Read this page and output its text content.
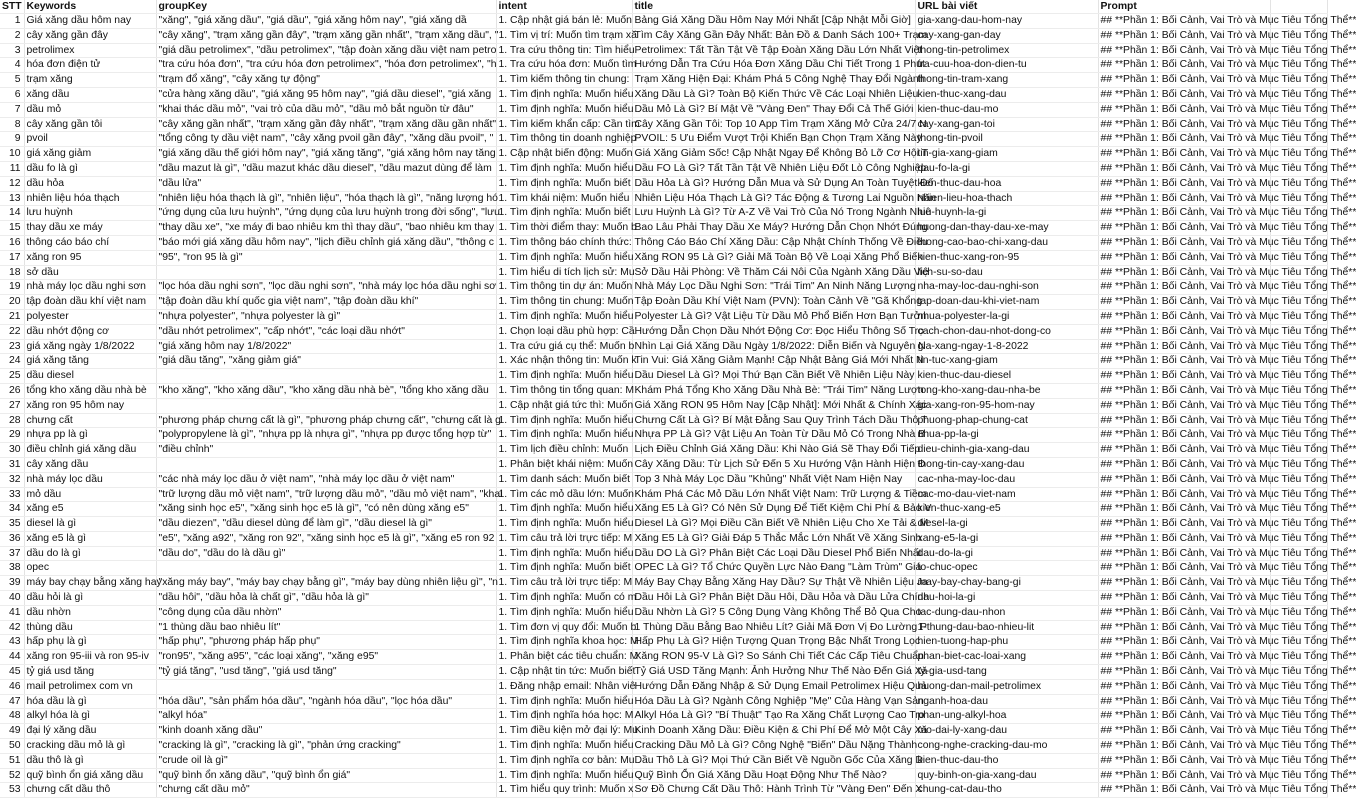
STT	Keywords	groupKey	intent	title	URL bài viết	Prompt	
1	Giá xăng dầu hôm nay	"xăng", "giá xăng dầu", "giá dầu", "giá xăng hôm nay", "giá xăng dầ	1. Cập nhật giá bán lẻ: Muốn	Bảng Giá Xăng Dầu Hôm Nay Mới Nhất [Cập Nhật Mỗi Giờ]	gia-xang-dau-hom-nay	## **Phần 1: Bối Cảnh, Vai Trò và Mục Tiêu Tổng Thể**	
2	cây xăng gần đây	"cây xăng", "trạm xăng gần đây", "trạm xăng gần nhất", "trạm xăng dầu", "	1. Tìm vị trí: Muốn tìm trạm xă	Tìm Cây Xăng Gần Đây Nhất: Bản Đồ & Danh Sách 100+ Trạm	cay-xang-gan-day	## **Phần 1: Bối Cảnh, Vai Trò và Mục Tiêu Tổng Thể**	
3	petrolimex	"giá dầu petrolimex", "dầu petrolimex", "tập đoàn xăng dầu việt nam petro	1. Tra cứu thông tin: Tìm hiểu	Petrolimex: Tất Tần Tật Về Tập Đoàn Xăng Dầu Lớn Nhất Việt	thong-tin-petrolimex	## **Phần 1: Bối Cảnh, Vai Trò và Mục Tiêu Tổng Thể**	
4	hóa đơn điện tử	"tra cứu hóa đơn", "tra cứu hóa đơn petrolimex", "hóa đơn petrolimex", "h	1. Tra cứu hóa đơn: Muốn tìm	Hướng Dẫn Tra Cứu Hóa Đơn Xăng Dầu Chi Tiết Trong 1 Phút	tra-cuu-hoa-don-dien-tu	## **Phần 1: Bối Cảnh, Vai Trò và Mục Tiêu Tổng Thể**	
5	trạm xăng	"trạm đổ xăng", "cây xăng tự động"	1. Tìm kiếm thông tin chung:	Trạm Xăng Hiện Đại: Khám Phá 5 Công Nghệ Thay Đổi Ngành	thong-tin-tram-xang	## **Phần 1: Bối Cảnh, Vai Trò và Mục Tiêu Tổng Thể**	
6	xăng dầu	"cửa hàng xăng dầu", "giá xăng 95 hôm nay", "giá dầu diesel", "giá xăng	1. Tìm định nghĩa: Muốn hiểu	Xăng Dầu Là Gì? Toàn Bộ Kiến Thức Về Các Loại Nhiên Liệu	kien-thuc-xang-dau	## **Phần 1: Bối Cảnh, Vai Trò và Mục Tiêu Tổng Thể**	
7	dầu mỏ	"khai thác dầu mỏ", "vai trò của dầu mỏ", "dầu mỏ bắt nguồn từ đâu"	1. Tìm định nghĩa: Muốn hiểu	Dầu Mỏ Là Gì? Bí Mật Về "Vàng Đen" Thay Đổi Cả Thế Giới	kien-thuc-dau-mo	## **Phần 1: Bối Cảnh, Vai Trò và Mục Tiêu Tổng Thể**	
8	cây xăng gần tôi	"cây xăng gần nhất", "trạm xăng gần đây nhất", "trạm xăng dầu gần nhất"	1. Tìm kiếm khẩn cấp: Cần tìm	Cây Xăng Gần Tôi: Top 10 App Tìm Trạm Xăng Mở Cửa 24/7 N	cay-xang-gan-toi	## **Phần 1: Bối Cảnh, Vai Trò và Mục Tiêu Tổng Thể**	
9	pvoil	"tổng công ty dầu việt nam", "cây xăng pvoil gần đây", "xăng dầu pvoil", "	1. Tìm thông tin doanh nghiệp	PVOIL: 5 Ưu Điểm Vượt Trội Khiến Bạn Chọn Trạm Xăng Này	thong-tin-pvoil	## **Phần 1: Bối Cảnh, Vai Trò và Mục Tiêu Tổng Thể**	
10	giá xăng giảm	"giá xăng dầu thế giới hôm nay", "giá xăng tăng", "giá xăng hôm nay tăng	1. Cập nhật biến động: Muốn	Giá Xăng Giảm Sốc! Cập Nhật Ngay Để Không Bỏ Lỡ Cơ Hội T	tin-gia-xang-giam	## **Phần 1: Bối Cảnh, Vai Trò và Mục Tiêu Tổng Thể**	
11	dầu fo là gì	"dầu mazut là gì", "dầu mazut khác dầu diesel", "dầu mazut dùng để làm	1. Tìm định nghĩa: Muốn hiểu	Dầu FO Là Gì? Tất Tần Tật Về Nhiên Liệu Đốt Lò Công Nghiệp	dau-fo-la-gi	## **Phần 1: Bối Cảnh, Vai Trò và Mục Tiêu Tổng Thể**	
12	dầu hỏa	"dầu lửa"	1. Tìm định nghĩa: Muốn biết	Dầu Hỏa Là Gì? Hướng Dẫn Mua và Sử Dụng An Toàn Tuyệt Đố	kien-thuc-dau-hoa	## **Phần 1: Bối Cảnh, Vai Trò và Mục Tiêu Tổng Thể**	
13	nhiên liệu hóa thạch	"nhiên liệu hóa thạch là gì", "nhiên liệu", "hóa thạch là gì", "năng lượng hó	1. Tìm khái niệm: Muốn hiểu	Nhiên Liệu Hóa Thạch Là Gì? Tác Động & Tương Lai Nguồn Năn	nhien-lieu-hoa-thach	## **Phần 1: Bối Cảnh, Vai Trò và Mục Tiêu Tổng Thể**	
14	lưu huỳnh	"ứng dụng của lưu huỳnh", "ứng dụng của lưu huỳnh trong đời sống", "lưu	1. Tìm định nghĩa: Muốn biết	Lưu Huỳnh Là Gì? Từ A-Z Về Vai Trò Của Nó Trong Ngành Nhiê	luu-huynh-la-gi	## **Phần 1: Bối Cảnh, Vai Trò và Mục Tiêu Tổng Thể**	
15	thay dầu xe máy	"thay dầu xe", "xe máy đi bao nhiêu km thì thay dầu", "bao nhiêu km thay	1. Tìm thời điểm thay: Muốn b	Bao Lâu Phải Thay Dầu Xe Máy? Hướng Dẫn Chọn Nhớt Đúng	huong-dan-thay-dau-xe-may	## **Phần 1: Bối Cảnh, Vai Trò và Mục Tiêu Tổng Thể**	
16	thông cáo báo chí	"báo mới giá xăng dầu hôm nay", "lịch điều chỉnh giá xăng dầu", "thông c	1. Tìm thông báo chính thức:	Thông Cáo Báo Chí Xăng Dầu: Cập Nhật Chính Thống Về Điều	thong-cao-bao-chi-xang-dau	## **Phần 1: Bối Cảnh, Vai Trò và Mục Tiêu Tổng Thể**	
17	xăng ron 95	"95", "ron 95 là gì"	1. Tìm định nghĩa: Muốn hiểu	Xăng RON 95 Là Gì? Giải Mã Toàn Bộ Về Loại Xăng Phổ Biến	kien-thuc-xang-ron-95	## **Phần 1: Bối Cảnh, Vai Trò và Mục Tiêu Tổng Thể**	
18	sở dầu		1. Tìm hiểu di tích lịch sử: Mu	Sở Dầu Hải Phòng: Về Thăm Cái Nôi Của Ngành Xăng Dầu Việ	lich-su-so-dau	## **Phần 1: Bối Cảnh, Vai Trò và Mục Tiêu Tổng Thể**	
19	nhà máy lọc dầu nghi sơn	"lọc hóa dầu nghi sơn", "lọc dầu nghi sơn", "nhà máy lọc hóa dầu nghi sơ	1. Tìm thông tin dự án: Muốn	Nhà Máy Lọc Dầu Nghi Sơn: "Trái Tim" An Ninh Năng Lượng	nha-may-loc-dau-nghi-son	## **Phần 1: Bối Cảnh, Vai Trò và Mục Tiêu Tổng Thể**	
20	tập đoàn dầu khí việt nam	"tập đoàn dầu khí quốc gia việt nam", "tập đoàn dầu khí"	1. Tìm thông tin chung: Muốn	Tập Đoàn Dầu Khí Việt Nam (PVN): Toàn Cảnh Về "Gã Khổng	tap-doan-dau-khi-viet-nam	## **Phần 1: Bối Cảnh, Vai Trò và Mục Tiêu Tổng Thể**	
21	polyester	"nhựa polyester", "nhựa polyester là gì"	1. Tìm định nghĩa: Muốn hiểu	Polyester Là Gì? Vật Liệu Từ Dầu Mỏ Phổ Biến Hơn Bạn Tưởn	nhua-polyester-la-gi	## **Phần 1: Bối Cảnh, Vai Trò và Mục Tiêu Tổng Thể**	
22	dầu nhớt động cơ	"dầu nhớt petrolimex", "cấp nhớt", "các loại dầu nhớt"	1. Chọn loại dầu phù hợp: Cầ	Hướng Dẫn Chọn Dầu Nhớt Động Cơ: Đọc Hiểu Thông Số Trọ	cach-chon-dau-nhot-dong-co	## **Phần 1: Bối Cảnh, Vai Trò và Mục Tiêu Tổng Thể**	
23	giá xăng ngày 1/8/2022	"giá xăng hôm nay 1/8/2022"	1. Tra cứu giá cụ thể: Muốn b	Nhìn Lại Giá Xăng Dầu Ngày 1/8/2022: Diễn Biến và Nguyên N	gia-xang-ngay-1-8-2022	## **Phần 1: Bối Cảnh, Vai Trò và Mục Tiêu Tổng Thể**	
24	giá xăng tăng	"giá dầu tăng", "xăng giảm giá"	1. Xác nhận thông tin: Muốn k	Tin Vui: Giá Xăng Giảm Mạnh! Cập Nhật Bảng Giá Mới Nhất N	tin-tuc-xang-giam	## **Phần 1: Bối Cảnh, Vai Trò và Mục Tiêu Tổng Thể**	
25	dầu diesel		1. Tìm định nghĩa: Muốn hiểu	Dầu Diesel Là Gì? Mọi Thứ Bạn Cần Biết Về Nhiên Liệu Này	kien-thuc-dau-diesel	## **Phần 1: Bối Cảnh, Vai Trò và Mục Tiêu Tổng Thể**	
26	tổng kho xăng dầu nhà bè	"kho xăng", "kho xăng dầu", "kho xăng dầu nhà bè", "tổng kho xăng dầu	1. Tìm thông tin tổng quan: M	Khám Phá Tổng Kho Xăng Dầu Nhà Bè: "Trái Tim" Năng Lượn	tong-kho-xang-dau-nha-be	## **Phần 1: Bối Cảnh, Vai Trò và Mục Tiêu Tổng Thể**	
27	xăng ron 95 hôm nay		1. Cập nhật giá tức thì: Muốn	Giá Xăng RON 95 Hôm Nay [Cập Nhật]: Mới Nhất & Chính Xác	gia-xang-ron-95-hom-nay	## **Phần 1: Bối Cảnh, Vai Trò và Mục Tiêu Tổng Thể**	
28	chưng cất	"phương pháp chưng cất là gì", "phương pháp chưng cất", "chưng cất là g	1. Tìm định nghĩa: Muốn hiểu	Chưng Cất Là Gì? Bí Mật Đằng Sau Quy Trình Tách Dầu Thô T	phuong-phap-chung-cat	## **Phần 1: Bối Cảnh, Vai Trò và Mục Tiêu Tổng Thể**	
29	nhựa pp là gì	"polypropylene là gì", "nhựa pp là nhựa gì", "nhựa pp được tổng hợp từ"	1. Tìm định nghĩa: Muốn hiểu	Nhựa PP Là Gì? Vật Liệu An Toàn Từ Dầu Mỏ Có Trong Nhà B	nhua-pp-la-gi	## **Phần 1: Bối Cảnh, Vai Trò và Mục Tiêu Tổng Thể**	
30	điều chỉnh giá xăng dầu	"điều chỉnh"	1. Tìm lịch điều chỉnh: Muốn	Lịch Điều Chỉnh Giá Xăng Dầu: Khi Nào Giá Sẽ Thay Đổi Tiếp	dieu-chinh-gia-xang-dau	## **Phần 1: Bối Cảnh, Vai Trò và Mục Tiêu Tổng Thể**	
31	cây xăng dầu		1. Phân biệt khái niệm: Muốn	Cây Xăng Dầu: Từ Lịch Sử Đến 5 Xu Hướng Vận Hành Hiện Đ	thong-tin-cay-xang-dau	## **Phần 1: Bối Cảnh, Vai Trò và Mục Tiêu Tổng Thể**	
32	nhà máy lọc dầu	"các nhà máy lọc dầu ở việt nam", "nhà máy lọc dầu ở việt nam"	1. Tìm danh sách: Muốn biết	Top 3 Nhà Máy Lọc Dầu "Khủng" Nhất Việt Nam Hiện Nay	cac-nha-may-loc-dau	## **Phần 1: Bối Cảnh, Vai Trò và Mục Tiêu Tổng Thể**	
33	mỏ dầu	"trữ lượng dầu mỏ việt nam", "trữ lượng dầu mỏ", "dầu mỏ việt nam", "khai	1. Tìm các mỏ dầu lớn: Muốn	Khám Phá Các Mỏ Dầu Lớn Nhất Việt Nam: Trữ Lượng & Tiềm	cac-mo-dau-viet-nam	## **Phần 1: Bối Cảnh, Vai Trò và Mục Tiêu Tổng Thể**	
34	xăng e5	"xăng sinh học e5", "xăng sinh học e5 là gì", "có nên dùng xăng e5"	1. Tìm định nghĩa: Muốn hiểu	Xăng E5 Là Gì? Có Nên Sử Dụng Để Tiết Kiệm Chi Phí & Bảo V	kien-thuc-xang-e5	## **Phần 1: Bối Cảnh, Vai Trò và Mục Tiêu Tổng Thể**	
35	diesel là gì	"dầu diezen", "dầu diesel dùng để làm gì", "dầu diesel là gì"	1. Tìm định nghĩa: Muốn hiểu	Diesel Là Gì? Mọi Điều Cần Biết Về Nhiên Liệu Cho Xe Tải & M	diesel-la-gi	## **Phần 1: Bối Cảnh, Vai Trò và Mục Tiêu Tổng Thể**	
36	xăng e5 là gì	"e5", "xăng a92", "xăng ron 92", "xăng sinh học e5 là gì", "xăng e5 ron 92	1. Tìm câu trả lời trực tiếp: M	Xăng E5 Là Gì? Giải Đáp 5 Thắc Mắc Lớn Nhất Về Xăng Sinh	xang-e5-la-gi	## **Phần 1: Bối Cảnh, Vai Trò và Mục Tiêu Tổng Thể**	
37	dầu do là gì	"dầu do", "dầu do là dầu gì"	1. Tìm định nghĩa: Muốn hiểu	Dầu DO Là Gì? Phân Biệt Các Loại Dầu Diesel Phổ Biến Nhất	dau-do-la-gi	## **Phần 1: Bối Cảnh, Vai Trò và Mục Tiêu Tổng Thể**	
38	opec		1. Tìm định nghĩa: Muốn biết	OPEC Là Gì? Tổ Chức Quyền Lực Nào Đang "Làm Trùm" Giá	to-chuc-opec	## **Phần 1: Bối Cảnh, Vai Trò và Mục Tiêu Tổng Thể**	
39	máy bay chạy bằng xăng hay	"xăng máy bay", "máy bay chạy bằng gì", "máy bay dùng nhiên liệu gì", "n	1. Tìm câu trả lời trực tiếp: M	Máy Bay Chạy Bằng Xăng Hay Dầu? Sự Thật Về Nhiên Liệu Ja	may-bay-chay-bang-gi	## **Phần 1: Bối Cảnh, Vai Trò và Mục Tiêu Tổng Thể**	
40	dầu hỏi là gì	"dầu hôi", "dầu hỏa là chất gì", "dầu hỏa là gì"	1. Tìm định nghĩa: Muốn có m	Dầu Hôi Là Gì? Phân Biệt Dầu Hôi, Dầu Hỏa và Dầu Lửa Chính	dau-hoi-la-gi	## **Phần 1: Bối Cảnh, Vai Trò và Mục Tiêu Tổng Thể**	
41	dầu nhờn	"công dụng của dầu nhờn"	1. Tìm định nghĩa: Muốn hiểu	Dầu Nhờn Là Gì? 5 Công Dụng Vàng Không Thể Bỏ Qua Cho	tac-dung-dau-nhon	## **Phần 1: Bối Cảnh, Vai Trò và Mục Tiêu Tổng Thể**	
42	thùng dầu	"1 thùng dầu bao nhiêu lít"	1. Tìm đơn vị quy đổi: Muốn b	1 Thùng Dầu Bằng Bao Nhiêu Lít? Giải Mã Đơn Vị Đo Lường P	1-thung-dau-bao-nhieu-lit	## **Phần 1: Bối Cảnh, Vai Trò và Mục Tiêu Tổng Thể**	
43	hấp phụ là gì	"hấp phụ", "phương pháp hấp phụ"	1. Tìm định nghĩa khoa học: M	Hấp Phụ Là Gì? Hiện Tượng Quan Trọng Bậc Nhất Trong Lọc	hien-tuong-hap-phu	## **Phần 1: Bối Cảnh, Vai Trò và Mục Tiêu Tổng Thể**	
44	xăng ron 95-iii và ron 95-iv	"ron95", "xăng a95", "các loại xăng", "xăng e95"	1. Phân biệt các tiêu chuẩn: M	Xăng RON 95-V Là Gì? So Sánh Chi Tiết Các Cấp Tiêu Chuẩn	phan-biet-cac-loai-xang	## **Phần 1: Bối Cảnh, Vai Trò và Mục Tiêu Tổng Thể**	
45	tỷ giá usd tăng	"tỷ giá tăng", "usd tăng", "giá usd tăng"	1. Cập nhật tin tức: Muốn biết	Tỷ Giá USD Tăng Mạnh: Ảnh Hưởng Như Thế Nào Đến Giá Xă	ty-gia-usd-tang	## **Phần 1: Bối Cảnh, Vai Trò và Mục Tiêu Tổng Thể**	
46	mail petrolimex com vn		1. Đăng nhập email: Nhân viê	Hướng Dẫn Đăng Nhập & Sử Dụng Email Petrolimex Hiệu Quả	huong-dan-mail-petrolimex	## **Phần 1: Bối Cảnh, Vai Trò và Mục Tiêu Tổng Thể**	
47	hóa dầu là gì	"hóa dầu", "sản phẩm hóa dầu", "ngành hóa dầu", "lọc hóa dầu"	1. Tìm định nghĩa: Muốn hiểu	Hóa Dầu Là Gì? Ngành Công Nghiệp "Mẹ" Của Hàng Vạn Sản	nganh-hoa-dau	## **Phần 1: Bối Cảnh, Vai Trò và Mục Tiêu Tổng Thể**	
48	alkyl hóa là gì	"alkyl hóa"	1. Tìm định nghĩa hóa học: M	Alkyl Hóa Là Gì? "Bí Thuật" Tạo Ra Xăng Chất Lượng Cao Tro	phan-ung-alkyl-hoa	## **Phần 1: Bối Cảnh, Vai Trò và Mục Tiêu Tổng Thể**	
49	đại lý xăng dầu	"kinh doanh xăng dầu"	1. Tìm điều kiện mở đại lý: Mu	Kinh Doanh Xăng Dầu: Điều Kiện & Chi Phí Để Mở Một Cây Xă	mo-dai-ly-xang-dau	## **Phần 1: Bối Cảnh, Vai Trò và Mục Tiêu Tổng Thể**	
50	cracking dầu mỏ là gì	"cracking là gì", "cracking là gì", "phản ứng cracking"	1. Tìm định nghĩa: Muốn hiểu	Cracking Dầu Mỏ Là Gì? Công Nghệ "Biến" Dầu Nặng Thành	cong-nghe-cracking-dau-mo	## **Phần 1: Bối Cảnh, Vai Trò và Mục Tiêu Tổng Thể**	
51	dầu thô là gì	"crude oil là gì"	1. Tìm định nghĩa cơ bản: Mu	Dầu Thô Là Gì? Mọi Thứ Cần Biết Về Nguồn Gốc Của Xăng D	kien-thuc-dau-tho	## **Phần 1: Bối Cảnh, Vai Trò và Mục Tiêu Tổng Thể**	
52	quỹ bình ổn giá xăng dầu	"quỹ bình ổn xăng dầu", "quỹ bình ổn giá"	1. Tìm định nghĩa: Muốn hiểu	Quỹ Bình Ổn Giá Xăng Dầu Hoạt Động Như Thế Nào?	quy-binh-on-gia-xang-dau	## **Phần 1: Bối Cảnh, Vai Trò và Mục Tiêu Tổng Thể**	
53	chưng cất dầu thô	"chưng cất dầu mỏ"	1. Tìm hiểu quy trình: Muốn x	Sơ Đồ Chưng Cất Dầu Thô: Hành Trình Từ "Vàng Đen" Đến X	chung-cat-dau-tho	## **Phần 1: Bối Cảnh, Vai Trò và Mục Tiêu Tổng Thể**	
